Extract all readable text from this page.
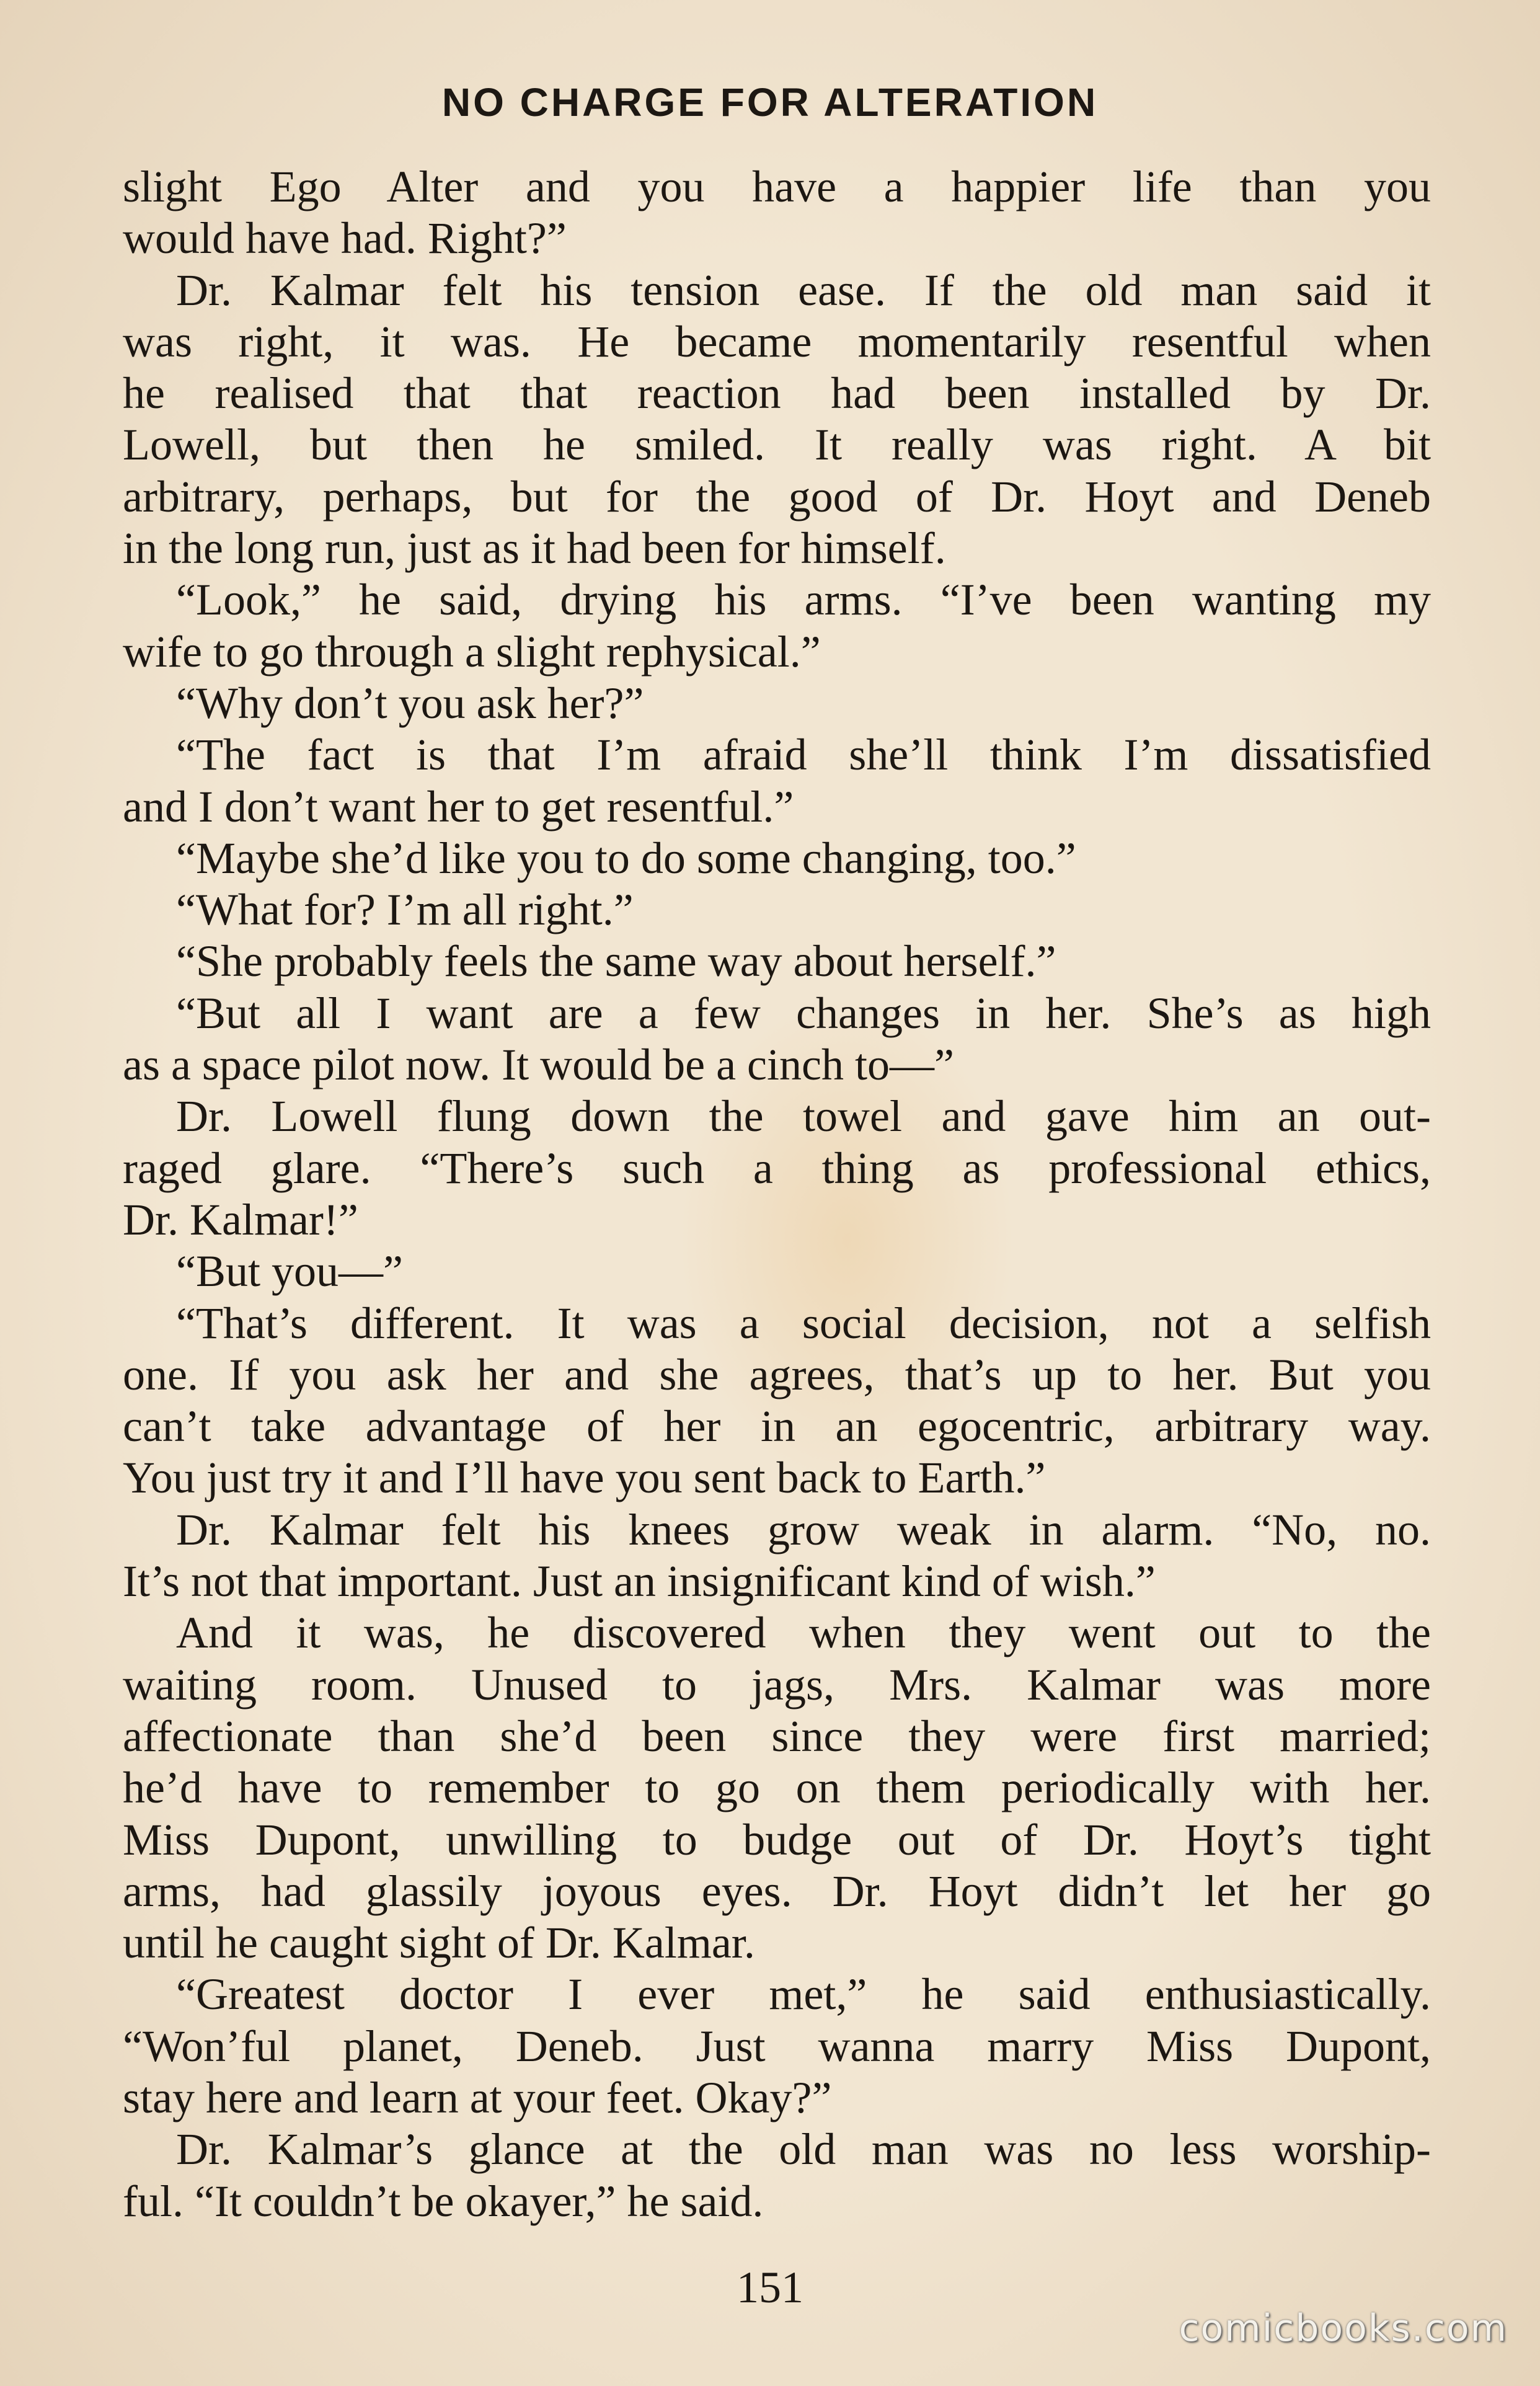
NO CHARGE FOR ALTERATION
slight Ego Alter and you have a happier life than you
would have had. Right?”
Dr. Kalmar felt his tension ease. If the old man said it
was right, it was. He became momentarily resentful when
he realised that that reaction had been installed by Dr.
Lowell, but then he smiled. It really was right. A bit
arbitrary, perhaps, but for the good of Dr. Hoyt and Deneb
in the long run, just as it had been for himself.
“Look,” he said, drying his arms. “I’ve been wanting my
wife to go through a slight rephysical.”
“Why don’t you ask her?”
“The fact is that I’m afraid she’ll think I’m dissatisfied
and I don’t want her to get resentful.”
“Maybe she’d like you to do some changing, too.”
“What for? I’m all right.”
“She probably feels the same way about herself.”
“But all I want are a few changes in her. She’s as high
as a space pilot now. It would be a cinch to—”
Dr. Lowell flung down the towel and gave him an out-
raged glare. “There’s such a thing as professional ethics,
Dr. Kalmar!”
“But you—”
“That’s different. It was a social decision, not a selfish
one. If you ask her and she agrees, that’s up to her. But you
can’t take advantage of her in an egocentric, arbitrary way.
You just try it and I’ll have you sent back to Earth.”
Dr. Kalmar felt his knees grow weak in alarm. “No, no.
It’s not that important. Just an insignificant kind of wish.”
And it was, he discovered when they went out to the
waiting room. Unused to jags, Mrs. Kalmar was more
affectionate than she’d been since they were first married;
he’d have to remember to go on them periodically with her.
Miss Dupont, unwilling to budge out of Dr. Hoyt’s tight
arms, had glassily joyous eyes. Dr. Hoyt didn’t let her go
until he caught sight of Dr. Kalmar.
“Greatest doctor I ever met,” he said enthusiastically.
“Won’ful planet, Deneb. Just wanna marry Miss Dupont,
stay here and learn at your feet. Okay?”
Dr. Kalmar’s glance at the old man was no less worship-
ful. “It couldn’t be okayer,” he said.
151
comicbooks.com
